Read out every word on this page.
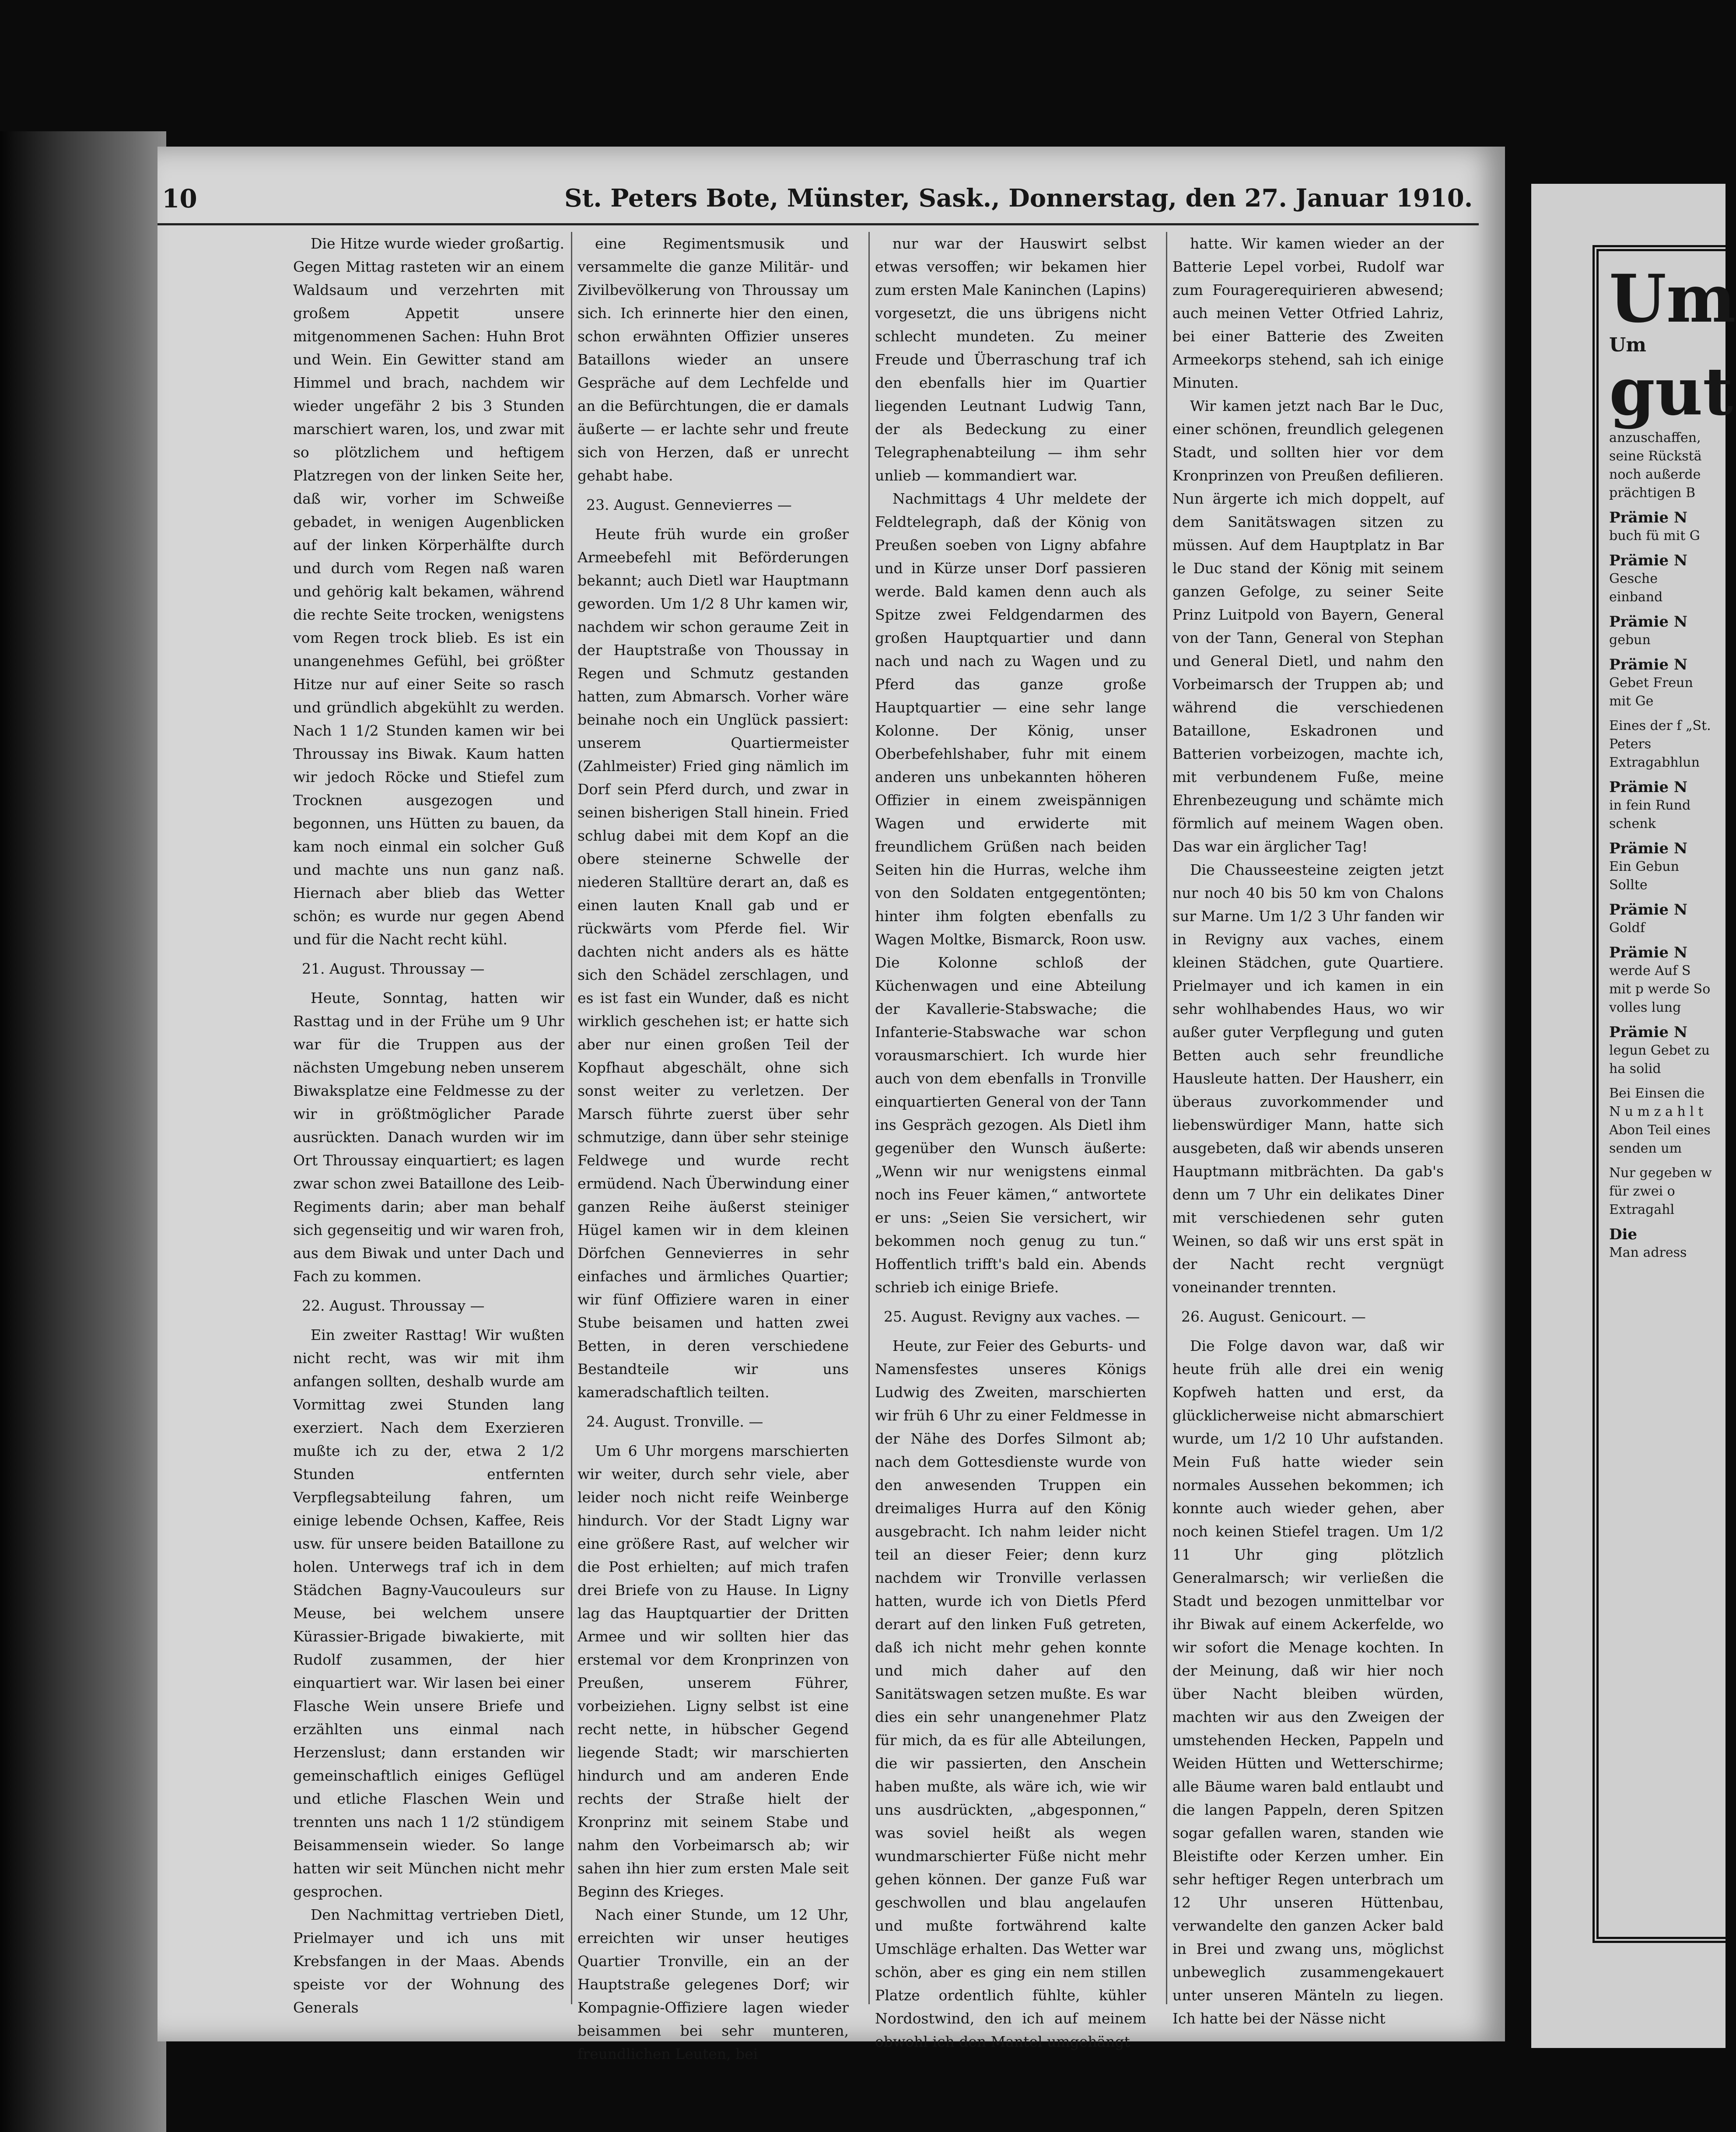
10	St. Peters Bote, Münster, Sask., Donnerstag, den 27. Januar 1910.

Die Hitze wurde wieder großartig. Gegen Mittag rasteten wir an einem Waldsaum und verzehrten mit großem Appetit unsere mitgenommenen Sachen: Huhn Brot und Wein. Ein Gewitter stand am Himmel und brach, nachdem wir wieder ungefähr 2 bis 3 Stunden marschiert waren, los, und zwar mit so plötzlichem und heftigem Platzregen von der linken Seite her, daß wir, vorher im Schweiße gebadet, in wenigen Augenblicken auf der linken Körperhälfte durch und durch vom Regen naß waren und gehörig kalt bekamen, während die rechte Seite trocken, wenigstens vom Regen trock blieb. Es ist ein unangenehmes Gefühl, bei größter Hitze nur auf einer Seite so rasch und gründlich abgekühlt zu werden. Nach 1 1/2 Stunden kamen wir bei Throussay ins Biwak. Kaum hatten wir jedoch Röcke und Stiefel zum Trocknen ausgezogen und begonnen, uns Hütten zu bauen, da kam noch einmal ein solcher Guß und machte uns nun ganz naß. Hiernach aber blieb das Wetter schön; es wurde nur gegen Abend und für die Nacht recht kühl.

21. August. Throussay —

Heute, Sonntag, hatten wir Rasttag und in der Frühe um 9 Uhr war für die Truppen aus der nächsten Umgebung neben unserem Biwaksplatze eine Feldmesse zu der wir in größtmöglicher Parade ausrückten. Danach wurden wir im Ort Throussay einquartiert; es lagen zwar schon zwei Bataillone des Leib-Regiments darin; aber man behalf sich gegenseitig und wir waren froh, aus dem Biwak und unter Dach und Fach zu kommen.

22. August. Throussay —

Ein zweiter Rasttag! Wir wußten nicht recht, was wir mit ihm anfangen sollten, deshalb wurde am Vormittag zwei Stunden lang exerziert. Nach dem Exerzieren mußte ich zu der, etwa 2 1/2 Stunden entfernten Verpflegsabteilung fahren, um einige lebende Ochsen, Kaffee, Reis usw. für unsere beiden Bataillone zu holen. Unterwegs traf ich in dem Städchen Bagny-Vaucouleurs sur Meuse, bei welchem unsere Kürassier-Brigade biwakierte, mit Rudolf zusammen, der hier einquartiert war. Wir lasen bei einer Flasche Wein unsere Briefe und erzählten uns einmal nach Herzenslust; dann erstanden wir gemeinschaftlich einiges Geflügel und etliche Flaschen Wein und trennten uns nach 1 1/2 stündigem Beisammensein wieder. So lange hatten wir seit München nicht mehr gesprochen.

Den Nachmittag vertrieben Dietl, Prielmayer und ich uns mit Krebsfangen in der Maas. Abends speiste vor der Wohnung des Generals

eine Regimentsmusik und versammelte die ganze Militär- und Zivilbevölkerung von Throussay um sich. Ich erinnerte hier den einen, schon erwähnten Offizier unseres Bataillons wieder an unsere Gespräche auf dem Lechfelde und an die Befürchtungen, die er damals äußerte — er lachte sehr und freute sich von Herzen, daß er unrecht gehabt habe.

23. August. Gennevierres —

Heute früh wurde ein großer Armeebefehl mit Beförderungen bekannt; auch Dietl war Hauptmann geworden. Um 1/2 8 Uhr kamen wir, nachdem wir schon geraume Zeit in der Hauptstraße von Thoussay in Regen und Schmutz gestanden hatten, zum Abmarsch. Vorher wäre beinahe noch ein Unglück passiert: unserem Quartiermeister (Zahlmeister) Fried ging nämlich im Dorf sein Pferd durch, und zwar in seinen bisherigen Stall hinein. Fried schlug dabei mit dem Kopf an die obere steinerne Schwelle der niederen Stalltüre derart an, daß es einen lauten Knall gab und er rückwärts vom Pferde fiel. Wir dachten nicht anders als es hätte sich den Schädel zerschlagen, und es ist fast ein Wunder, daß es nicht wirklich geschehen ist; er hatte sich aber nur einen großen Teil der Kopfhaut abgeschält, ohne sich sonst weiter zu verletzen. Der Marsch führte zuerst über sehr schmutzige, dann über sehr steinige Feldwege und wurde recht ermüdend. Nach Überwindung einer ganzen Reihe äußerst steiniger Hügel kamen wir in dem kleinen Dörfchen Gennevierres in sehr einfaches und ärmliches Quartier; wir fünf Offiziere waren in einer Stube beisamen und hatten zwei Betten, in deren verschiedene Bestandteile wir uns kameradschaftlich teilten.

24. August. Tronville. —

Um 6 Uhr morgens marschierten wir weiter, durch sehr viele, aber leider noch nicht reife Weinberge hindurch. Vor der Stadt Ligny war eine größere Rast, auf welcher wir die Post erhielten; auf mich trafen drei Briefe von zu Hause. In Ligny lag das Hauptquartier der Dritten Armee und wir sollten hier das erstemal vor dem Kronprinzen von Preußen, unserem Führer, vorbeiziehen. Ligny selbst ist eine recht nette, in hübscher Gegend liegende Stadt; wir marschierten hindurch und am anderen Ende rechts der Straße hielt der Kronprinz mit seinem Stabe und nahm den Vorbeimarsch ab; wir sahen ihn hier zum ersten Male seit Beginn des Krieges.

Nach einer Stunde, um 12 Uhr, erreichten wir unser heutiges Quartier Tronville, ein an der Hauptstraße gelegenes Dorf; wir Kompagnie-Offiziere lagen wieder beisammen bei sehr munteren, freundlichen Leuten, bei

nur war der Hauswirt selbst etwas versoffen; wir bekamen hier zum ersten Male Kaninchen (Lapins) vorgesetzt, die uns übrigens nicht schlecht mundeten. Zu meiner Freude und Überraschung traf ich den ebenfalls hier im Quartier liegenden Leutnant Ludwig Tann, der als Bedeckung zu einer Telegraphenabteilung — ihm sehr unlieb — kommandiert war.

Nachmittags 4 Uhr meldete der Feldtelegraph, daß der König von Preußen soeben von Ligny abfahre und in Kürze unser Dorf passieren werde. Bald kamen denn auch als Spitze zwei Feldgendarmen des großen Hauptquartier und dann nach und nach zu Wagen und zu Pferd das ganze große Hauptquartier — eine sehr lange Kolonne. Der König, unser Oberbefehlshaber, fuhr mit einem anderen uns unbekannten höheren Offizier in einem zweispännigen Wagen und erwiderte mit freundlichem Grüßen nach beiden Seiten hin die Hurras, welche ihm von den Soldaten entgegentönten; hinter ihm folgten ebenfalls zu Wagen Moltke, Bismarck, Roon usw. Die Kolonne schloß der Küchenwagen und eine Abteilung der Kavallerie-Stabswache; die Infanterie-Stabswache war schon vorausmarschiert. Ich wurde hier auch von dem ebenfalls in Tronville einquartierten General von der Tann ins Gespräch gezogen. Als Dietl ihm gegenüber den Wunsch äußerte: „Wenn wir nur wenigstens einmal noch ins Feuer kämen,“ antwortete er uns: „Seien Sie versichert, wir bekommen noch genug zu tun.“ Hoffentlich trifft's bald ein. Abends schrieb ich einige Briefe.

25. August. Revigny aux vaches. —

Heute, zur Feier des Geburts- und Namensfestes unseres Königs Ludwig des Zweiten, marschierten wir früh 6 Uhr zu einer Feldmesse in der Nähe des Dorfes Silmont ab; nach dem Gottesdienste wurde von den anwesenden Truppen ein dreimaliges Hurra auf den König ausgebracht. Ich nahm leider nicht teil an dieser Feier; denn kurz nachdem wir Tronville verlassen hatten, wurde ich von Dietls Pferd derart auf den linken Fuß getreten, daß ich nicht mehr gehen konnte und mich daher auf den Sanitätswagen setzen mußte. Es war dies ein sehr unangenehmer Platz für mich, da es für alle Abteilungen, die wir passierten, den Anschein haben mußte, als wäre ich, wie wir uns ausdrückten, „abgesponnen,“ was soviel heißt als wegen wundmarschierter Füße nicht mehr gehen können. Der ganze Fuß war geschwollen und blau angelaufen und mußte fortwährend kalte Umschläge erhalten. Das Wetter war schön, aber es ging ein nem stillen Platze ordentlich fühlte, kühler Nordostwind, den ich auf meinem obwohl ich den Mantel umgehängt

hatte. Wir kamen wieder an der Batterie Lepel vorbei, Rudolf war zum Fouragerequirieren abwesend; auch meinen Vetter Otfried Lahriz, bei einer Batterie des Zweiten Armeekorps stehend, sah ich einige Minuten.

Wir kamen jetzt nach Bar le Duc, einer schönen, freundlich gelegenen Stadt, und sollten hier vor dem Kronprinzen von Preußen defilieren. Nun ärgerte ich mich doppelt, auf dem Sanitätswagen sitzen zu müssen. Auf dem Hauptplatz in Bar le Duc stand der König mit seinem ganzen Gefolge, zu seiner Seite Prinz Luitpold von Bayern, General von der Tann, General von Stephan und General Dietl, und nahm den Vorbeimarsch der Truppen ab; und während die verschiedenen Bataillone, Eskadronen und Batterien vorbeizogen, machte ich, mit verbundenem Fuße, meine Ehrenbezeugung und schämte mich förmlich auf meinem Wagen oben. Das war ein ärglicher Tag!

Die Chausseesteine zeigten jetzt nur noch 40 bis 50 km von Chalons sur Marne. Um 1/2 3 Uhr fanden wir in Revigny aux vaches, einem kleinen Städchen, gute Quartiere. Prielmayer und ich kamen in ein sehr wohlhabendes Haus, wo wir außer guter Verpflegung und guten Betten auch sehr freundliche Hausleute hatten. Der Hausherr, ein überaus zuvorkommender und liebenswürdiger Mann, hatte sich ausgebeten, daß wir abends unseren Hauptmann mitbrächten. Da gab's denn um 7 Uhr ein delikates Diner mit verschiedenen sehr guten Weinen, so daß wir uns erst spät in der Nacht recht vergnügt voneinander trennten.

26. August. Genicourt. —

Die Folge davon war, daß wir heute früh alle drei ein wenig Kopfweh hatten und erst, da glücklicherweise nicht abmarschiert wurde, um 1/2 10 Uhr aufstanden. Mein Fuß hatte wieder sein normales Aussehen bekommen; ich konnte auch wieder gehen, aber noch keinen Stiefel tragen. Um 1/2 11 Uhr ging plötzlich Generalmarsch; wir verließen die Stadt und bezogen unmittelbar vor ihr Biwak auf einem Ackerfelde, wo wir sofort die Menage kochten. In der Meinung, daß wir hier noch über Nacht bleiben würden, machten wir aus den Zweigen der umstehenden Hecken, Pappeln und Weiden Hütten und Wetterschirme; alle Bäume waren bald entlaubt und die langen Pappeln, deren Spitzen sogar gefallen waren, standen wie Bleistifte oder Kerzen umher. Ein sehr heftiger Regen unterbrach um 12 Uhr unseren Hüttenbau, verwandelte den ganzen Acker bald in Brei und zwang uns, möglichst unbeweglich zusammengekauert unter unseren Mänteln zu liegen. Ich hatte bei der Nässe nicht

Um
Um
gut
anzuschaffen, seine Rückstä noch außerde prächtigen B
Prämie N
buch fü mit G
Prämie N
Gesche einband
Prämie N
gebun
Prämie N
Gebet Freun mit Ge
Eines der f „St. Peters Extragabhlun
Prämie N
in fein Rund schenk
Prämie N
Ein Gebun Sollte
Prämie N
Goldf
Prämie N
werde Auf S mit p werde So volles lung
Prämie N
legun Gebet zu ha solid
Bei Einsen die N u m z a h l t Abon Teil eines senden um
Nur gegeben w für zwei o Extragahl
Die
Man adress
